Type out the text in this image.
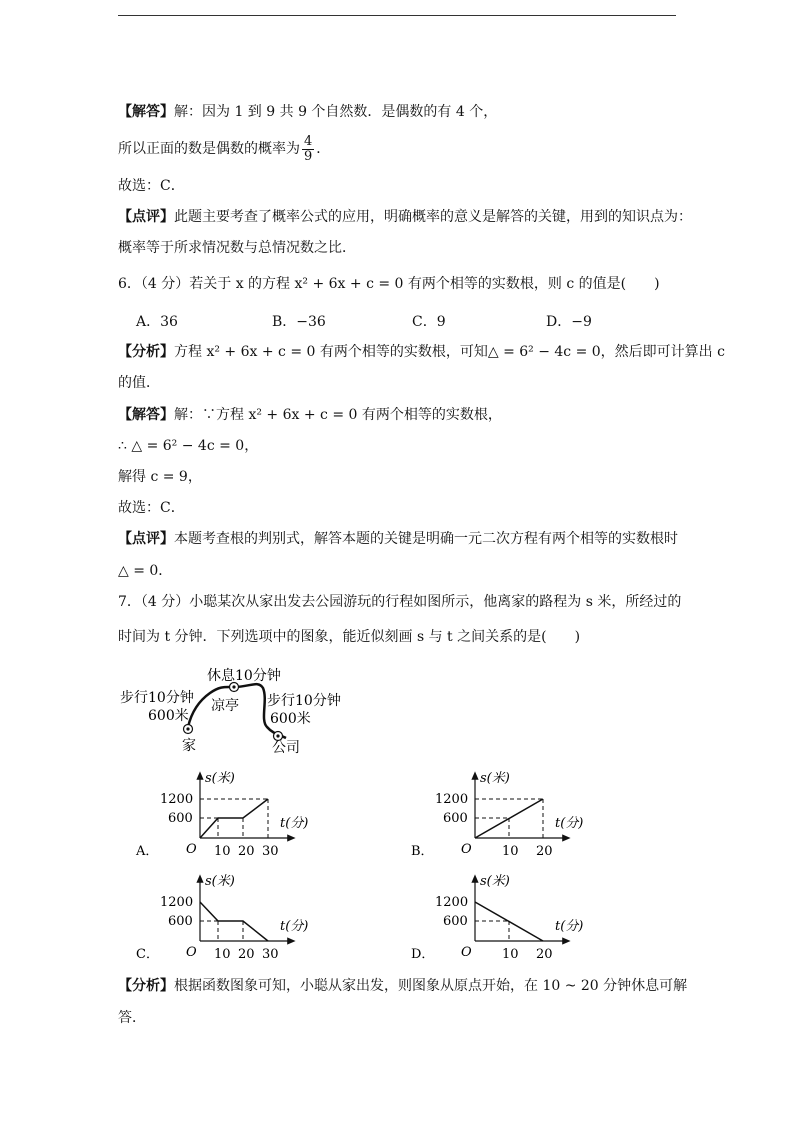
【解答】解：因为 1 到 9 共 9 个自然数．是偶数的有 4 个，
所以正面的数是偶数的概率为 $\frac{4}{9}$ ．
故选：C．
【点评】此题主要考查了概率公式的应用，明确概率的意义是解答的关键，用到的知识点为：
概率等于所求情况数与总情况数之比．
6．（4 分）若关于 x 的方程 x² + 6x + c = 0 有两个相等的实数根，则 c 的值是(　　)
A．36	B．−36	C．9	D．−9
【分析】方程 x² + 6x + c = 0 有两个相等的实数根，可知△ = 6² − 4c = 0，然后即可计算出 c
的值．
【解答】解：∵方程 x² + 6x + c = 0 有两个相等的实数根，
∴ △ = 6² − 4c = 0，
解得 c = 9，
故选：C．
【点评】本题考查根的判别式，解答本题的关键是明确一元二次方程有两个相等的实数根时
△ = 0．
7．（4 分）小聪某次从家出发去公园游玩的行程如图所示，他离家的路程为 s 米，所经过的
时间为 t 分钟．下列选项中的图象，能近似刻画 s 与 t 之间关系的是(　　)
休息10分钟
步行10分钟
600米
凉亭 步行10分钟
600米
家	公司
s(米)
t(分)
1200
600
O 10 20 30
A．
s(米)
t(分)
1200
600
O 10 20
B．
s(米)
t(分)
1200
600
O 10 20 30
C．
s(米)
t(分)
1200
600
O 10 20
D．
【分析】根据函数图象可知，小聪从家出发，则图象从原点开始，在 10 ~ 20 分钟休息可解
答．
